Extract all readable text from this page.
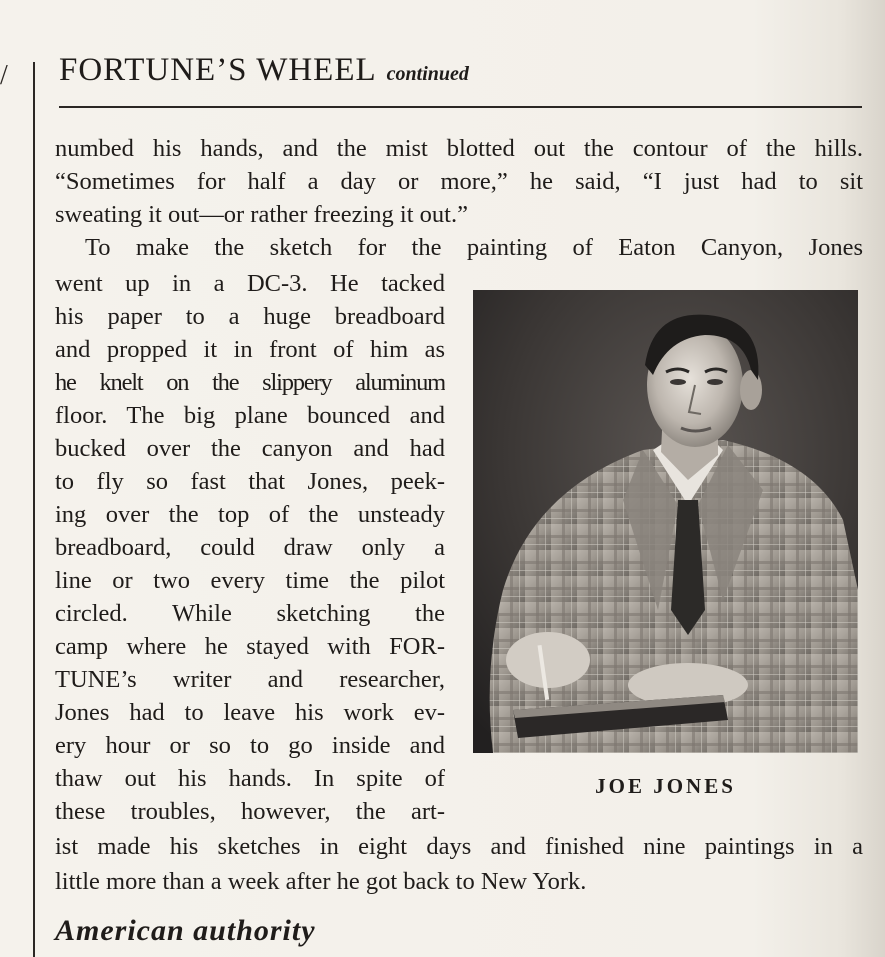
/ FORTUNE’S WHEEL continued
numbed his hands, and the mist blotted out the contour of the hills.
“Sometimes for half a day or more,” he said, “I just had to sit
sweating it out—or rather freezing it out.”
To make the sketch for the painting of Eaton Canyon, Jones
went up in a DC-3. He tacked
his paper to a huge breadboard
and propped it in front of him as
he knelt on the slippery aluminum
floor. The big plane bounced and
bucked over the canyon and had
to fly so fast that Jones, peek-
ing over the top of the unsteady
breadboard, could draw only a
line or two every time the pilot
circled. While sketching the
camp where he stayed with FOR-
TUNE’s writer and researcher,
Jones had to leave his work ev-
ery hour or so to go inside and
thaw out his hands. In spite of
these troubles, however, the art-
ist made his sketches in eight days and finished nine paintings in a
little more than a week after he got back to New York.
JOE JONES
American authority
